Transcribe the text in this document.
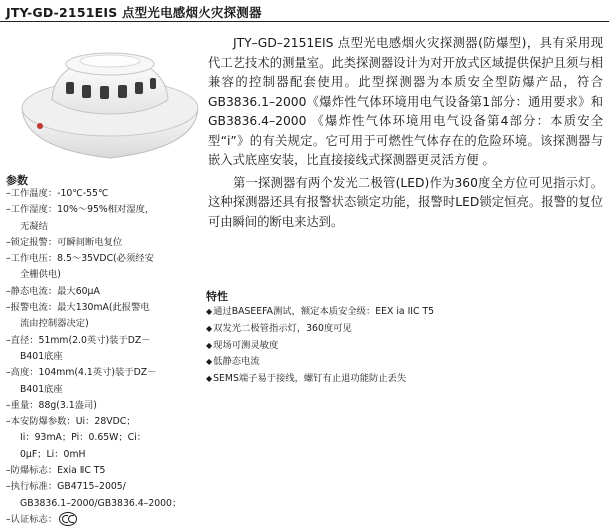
JTY-GD-2151EIS 点型光电感烟火灾探测器
参数
–工作温度：-10℃-55℃
–工作湿度：10%～95%相对湿度，
无凝结
–锁定报警：可瞬间断电复位
–工作电压：8.5～35VDC(必须经安
全栅供电)
–静态电流：最大60μA
–报警电流：最大130mA(此报警电
流由控制器决定)
–直径：51mm(2.0英寸)装于DZ－
B401底座
–高度：104mm(4.1英寸)装于DZ－
B401底座
–重量：88g(3.1盎司)
–本安防爆参数：Ui：28VDC；
Ii：93mA；Pi：0.65W；Ci：
0μF；Li：0mH
–防爆标志：Exia ⅡC T5
–执行标准：GB4715–2005/
GB3836.1–2000/GB3836.4–2000；
–认证标志：

JTY–GD–2151EIS 点型光电感烟火灾探测器(防爆型)，具有采用现代工艺技术的测量室。此类探测器设计为对开放式区域提供保护且须与相兼容的控制器配套使用。此型探测器为本质安全型防爆产品，符合GB3836.1–2000《爆炸性气体环境用电气设备第1部分：通用要求》和 GB3836.4–2000 《爆炸性气体环境用电气设备第4部分：本质安全型“i”》的有关规定。它可用于可燃性气体存在的危险环境。该探测器与嵌入式底座安装，比直接接线式探测器更灵活方便 。

第一探测器有两个发光二极管(LED)作为360度全方位可见指示灯。这种探测器还具有报警状态锁定功能，报警时LED锁定恒亮。报警的复位可由瞬间的断电来达到。

特性
◆ 通过BASEEFA测试，额定本质安全级：EEX ia IIC T5
◆ 双发光二极管指示灯，360度可见
◆ 现场可测灵敏度
◆ 低静态电流
◆ SEMS端子易于接线，螺钉有止退功能防止丢失
